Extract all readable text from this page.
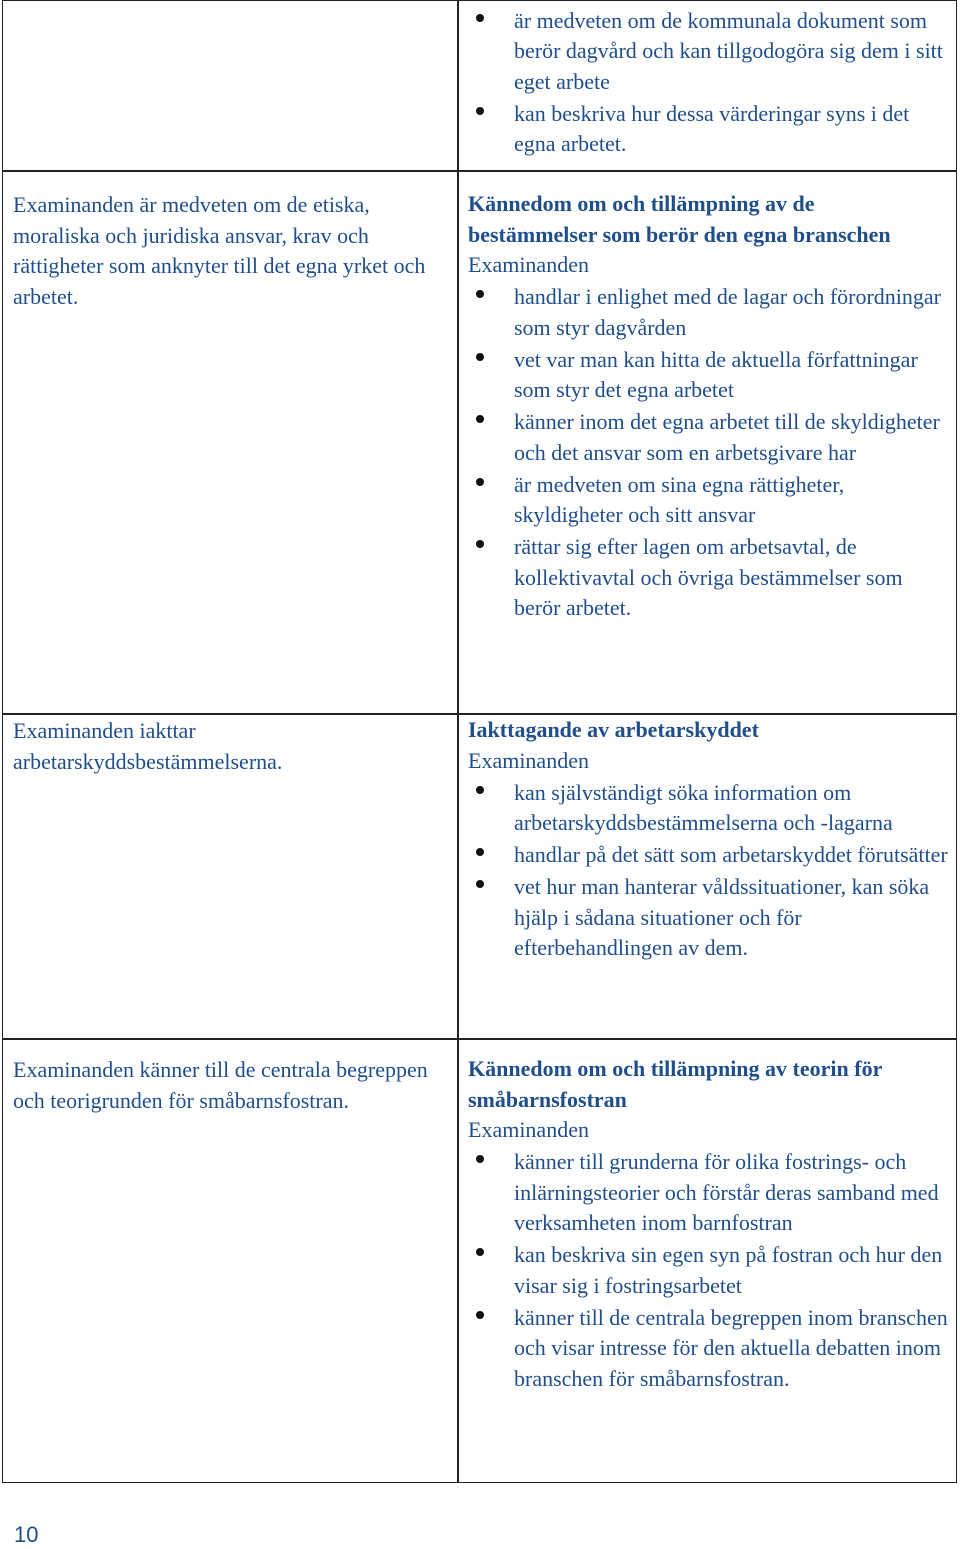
Examinanden är medveten om de etiska, moraliska och juridiska ansvar, krav och rättigheter som anknyter till det egna yrket och arbetet.
Examinanden iakttar arbetarskyddsbestämmelserna.
Examinanden känner till de centrala begreppen och teorigrunden för småbarnsfostran.
är medveten om de kommunala dokument som berör dagvård och kan tillgodogöra sig dem i sitt eget arbete
kan beskriva hur dessa värderingar syns i det egna arbetet.
Kännedom om och tillämpning av de bestämmelser som berör den egna branschen
Examinanden
handlar i enlighet med de lagar och förordningar som styr dagvården
vet var man kan hitta de aktuella författningar som styr det egna arbetet
känner inom det egna arbetet till de skyldigheter och det ansvar som en arbetsgivare har
är medveten om sina egna rättigheter, skyldigheter och sitt ansvar
rättar sig efter lagen om arbetsavtal, de kollektivavtal och övriga bestämmelser som berör arbetet.
Iakttagande av arbetarskyddet
Examinanden
kan självständigt söka information om arbetarskyddsbestämmelserna och -lagarna
handlar på det sätt som arbetarskyddet förutsätter
vet hur man hanterar våldssituationer, kan söka hjälp i sådana situationer och för efterbehandlingen av dem.
Kännedom om och tillämpning av teorin för småbarnsfostran
Examinanden
känner till grunderna för olika fostrings- och inlärningsteorier och förstår deras samband med verksamheten inom barnfostran
kan beskriva sin egen syn på fostran och hur den visar sig i fostringsarbetet
känner till de centrala begreppen inom branschen och visar intresse för den aktuella debatten inom branschen för småbarnsfostran.
10
